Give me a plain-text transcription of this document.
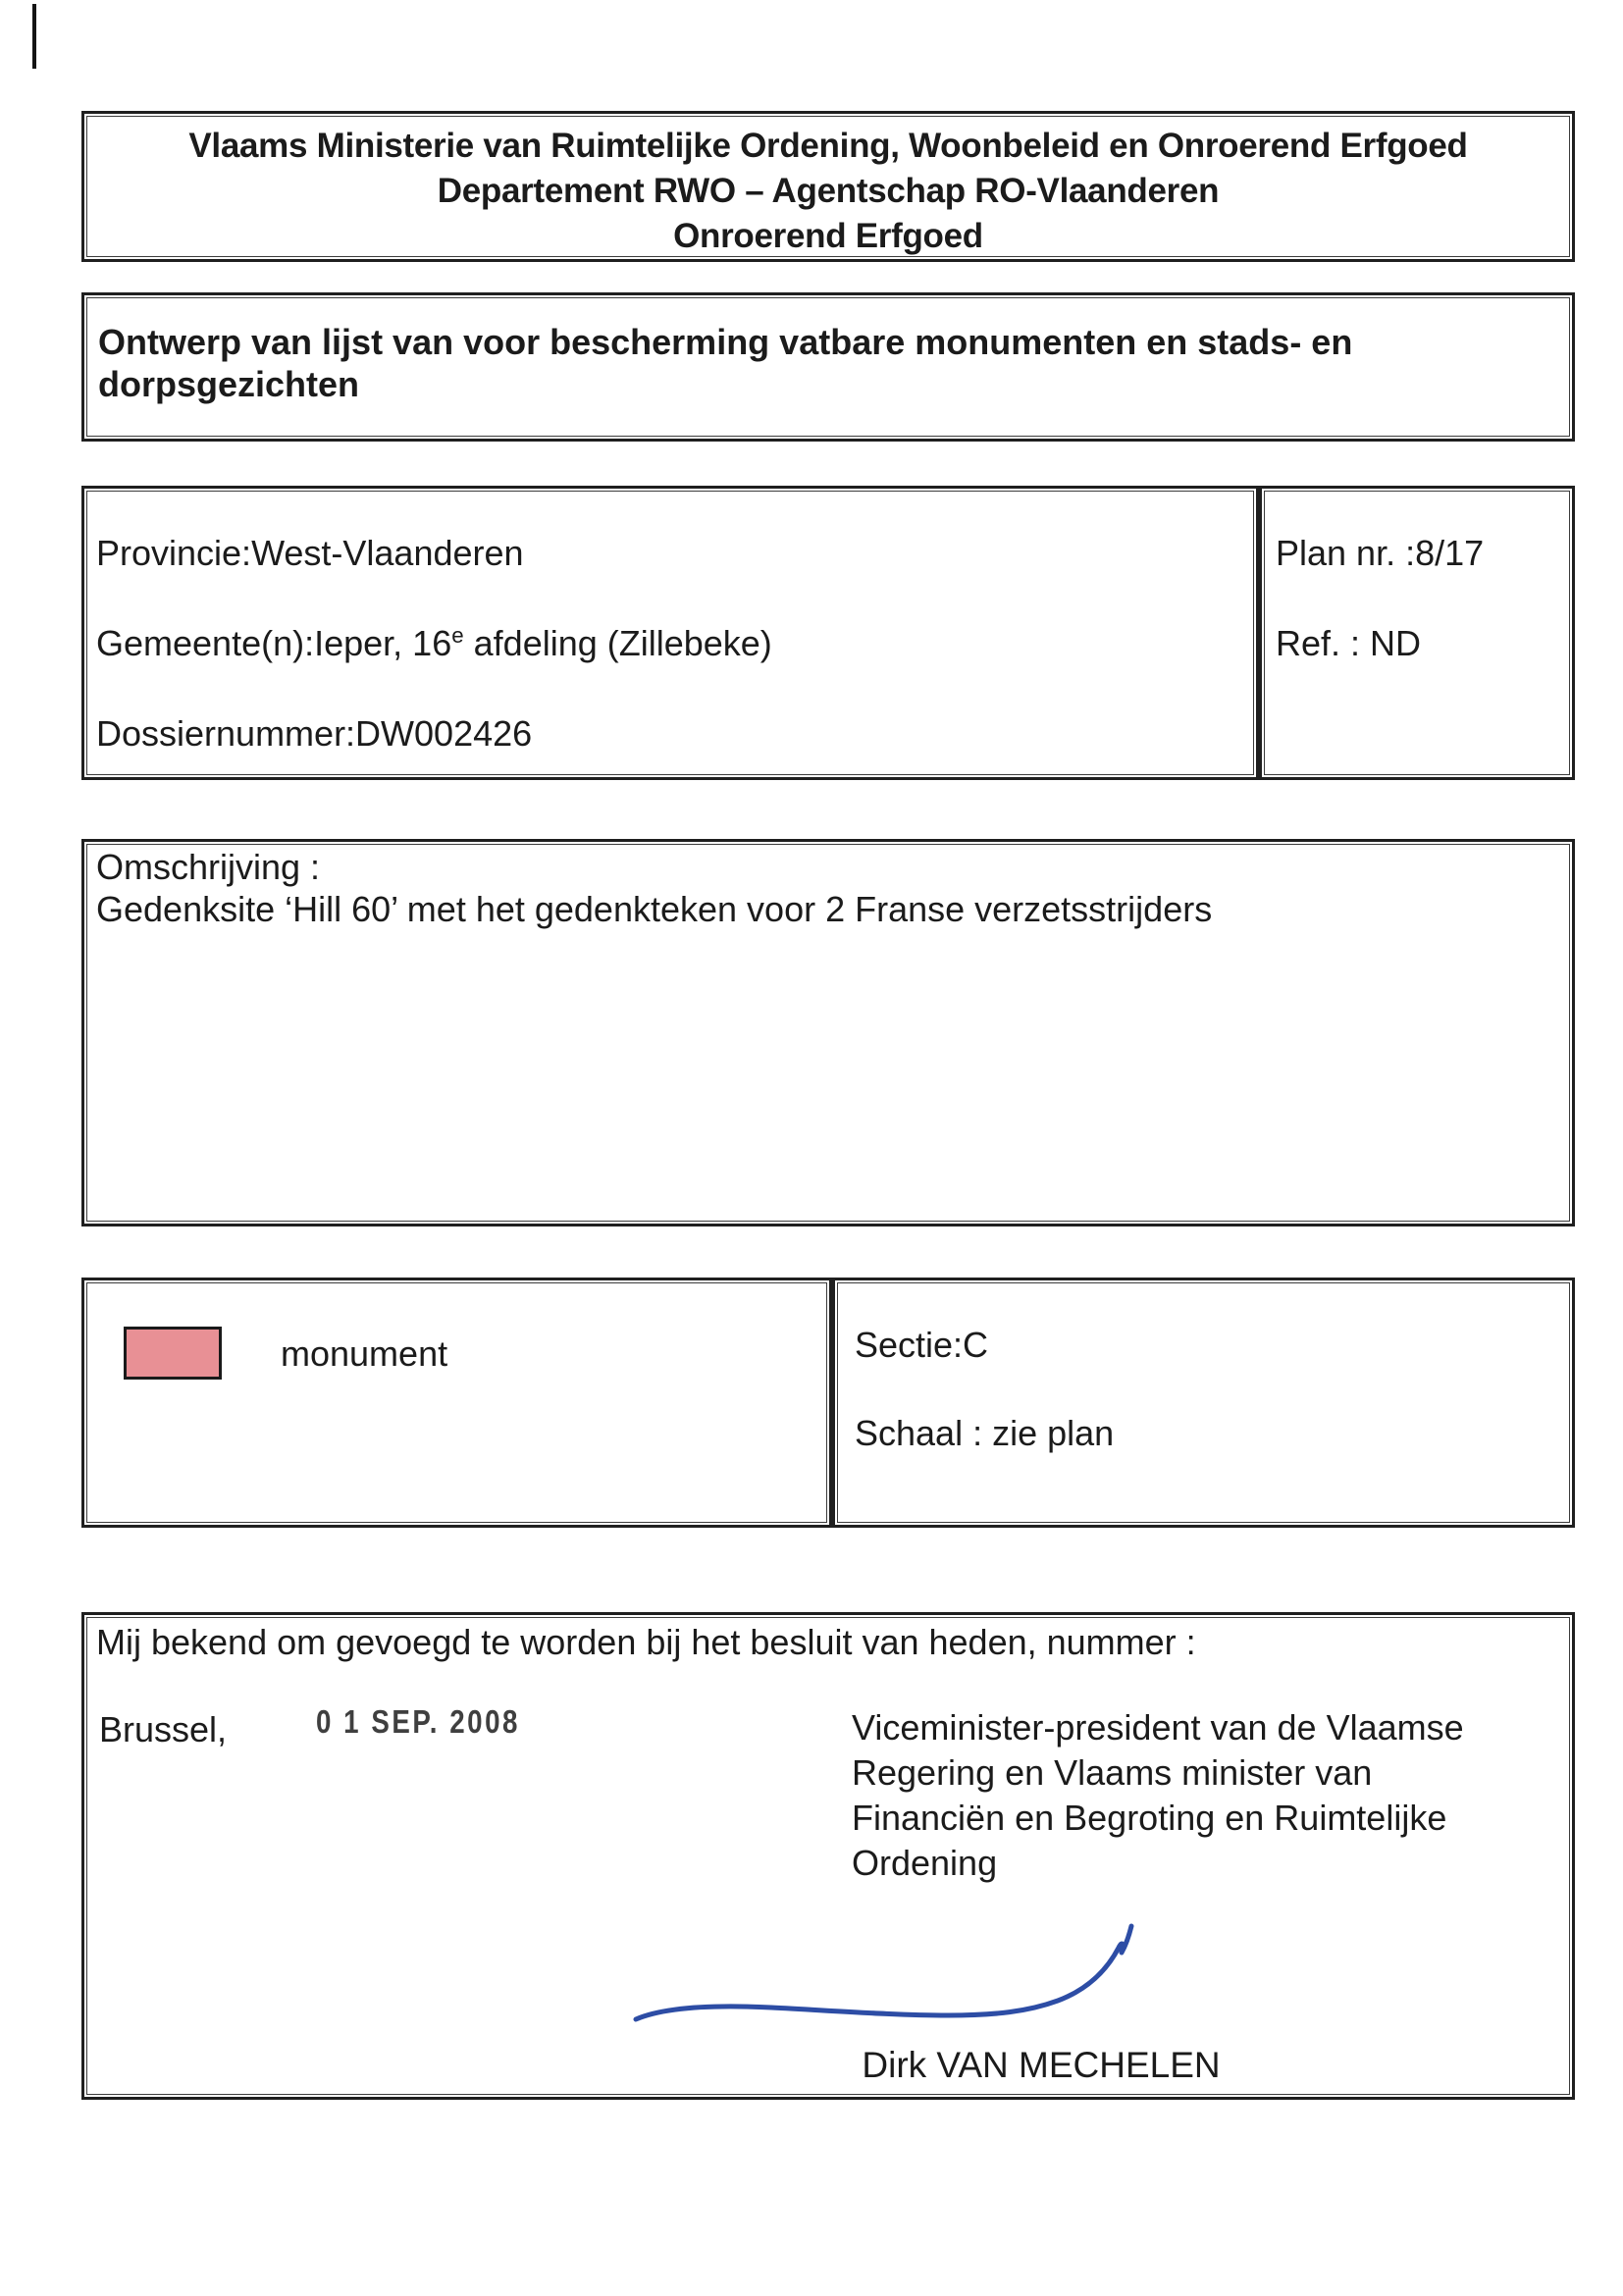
Vlaams Ministerie van Ruimtelijke Ordening, Woonbeleid en Onroerend Erfgoed
Departement RWO – Agentschap RO-Vlaanderen
Onroerend Erfgoed
Ontwerp van lijst van voor bescherming vatbare monumenten en stads- en
dorpsgezichten
Provincie:West-Vlaanderen
Gemeente(n):Ieper, 16e afdeling (Zillebeke)
Dossiernummer:DW002426
Plan nr. :8/17
Ref. : ND
Omschrijving :
Gedenksite ‘Hill 60’ met het gedenkteken voor 2 Franse verzetsstrijders
monument	Sectie:C
Schaal : zie plan
Mij bekend om gevoegd te worden bij het besluit van heden, nummer :
Brussel,	0 1 SEP. 2008	Viceminister-president van de Vlaamse
Regering en Vlaams minister van
Financiën en Begroting en Ruimtelijke
Ordening
Dirk VAN MECHELEN
